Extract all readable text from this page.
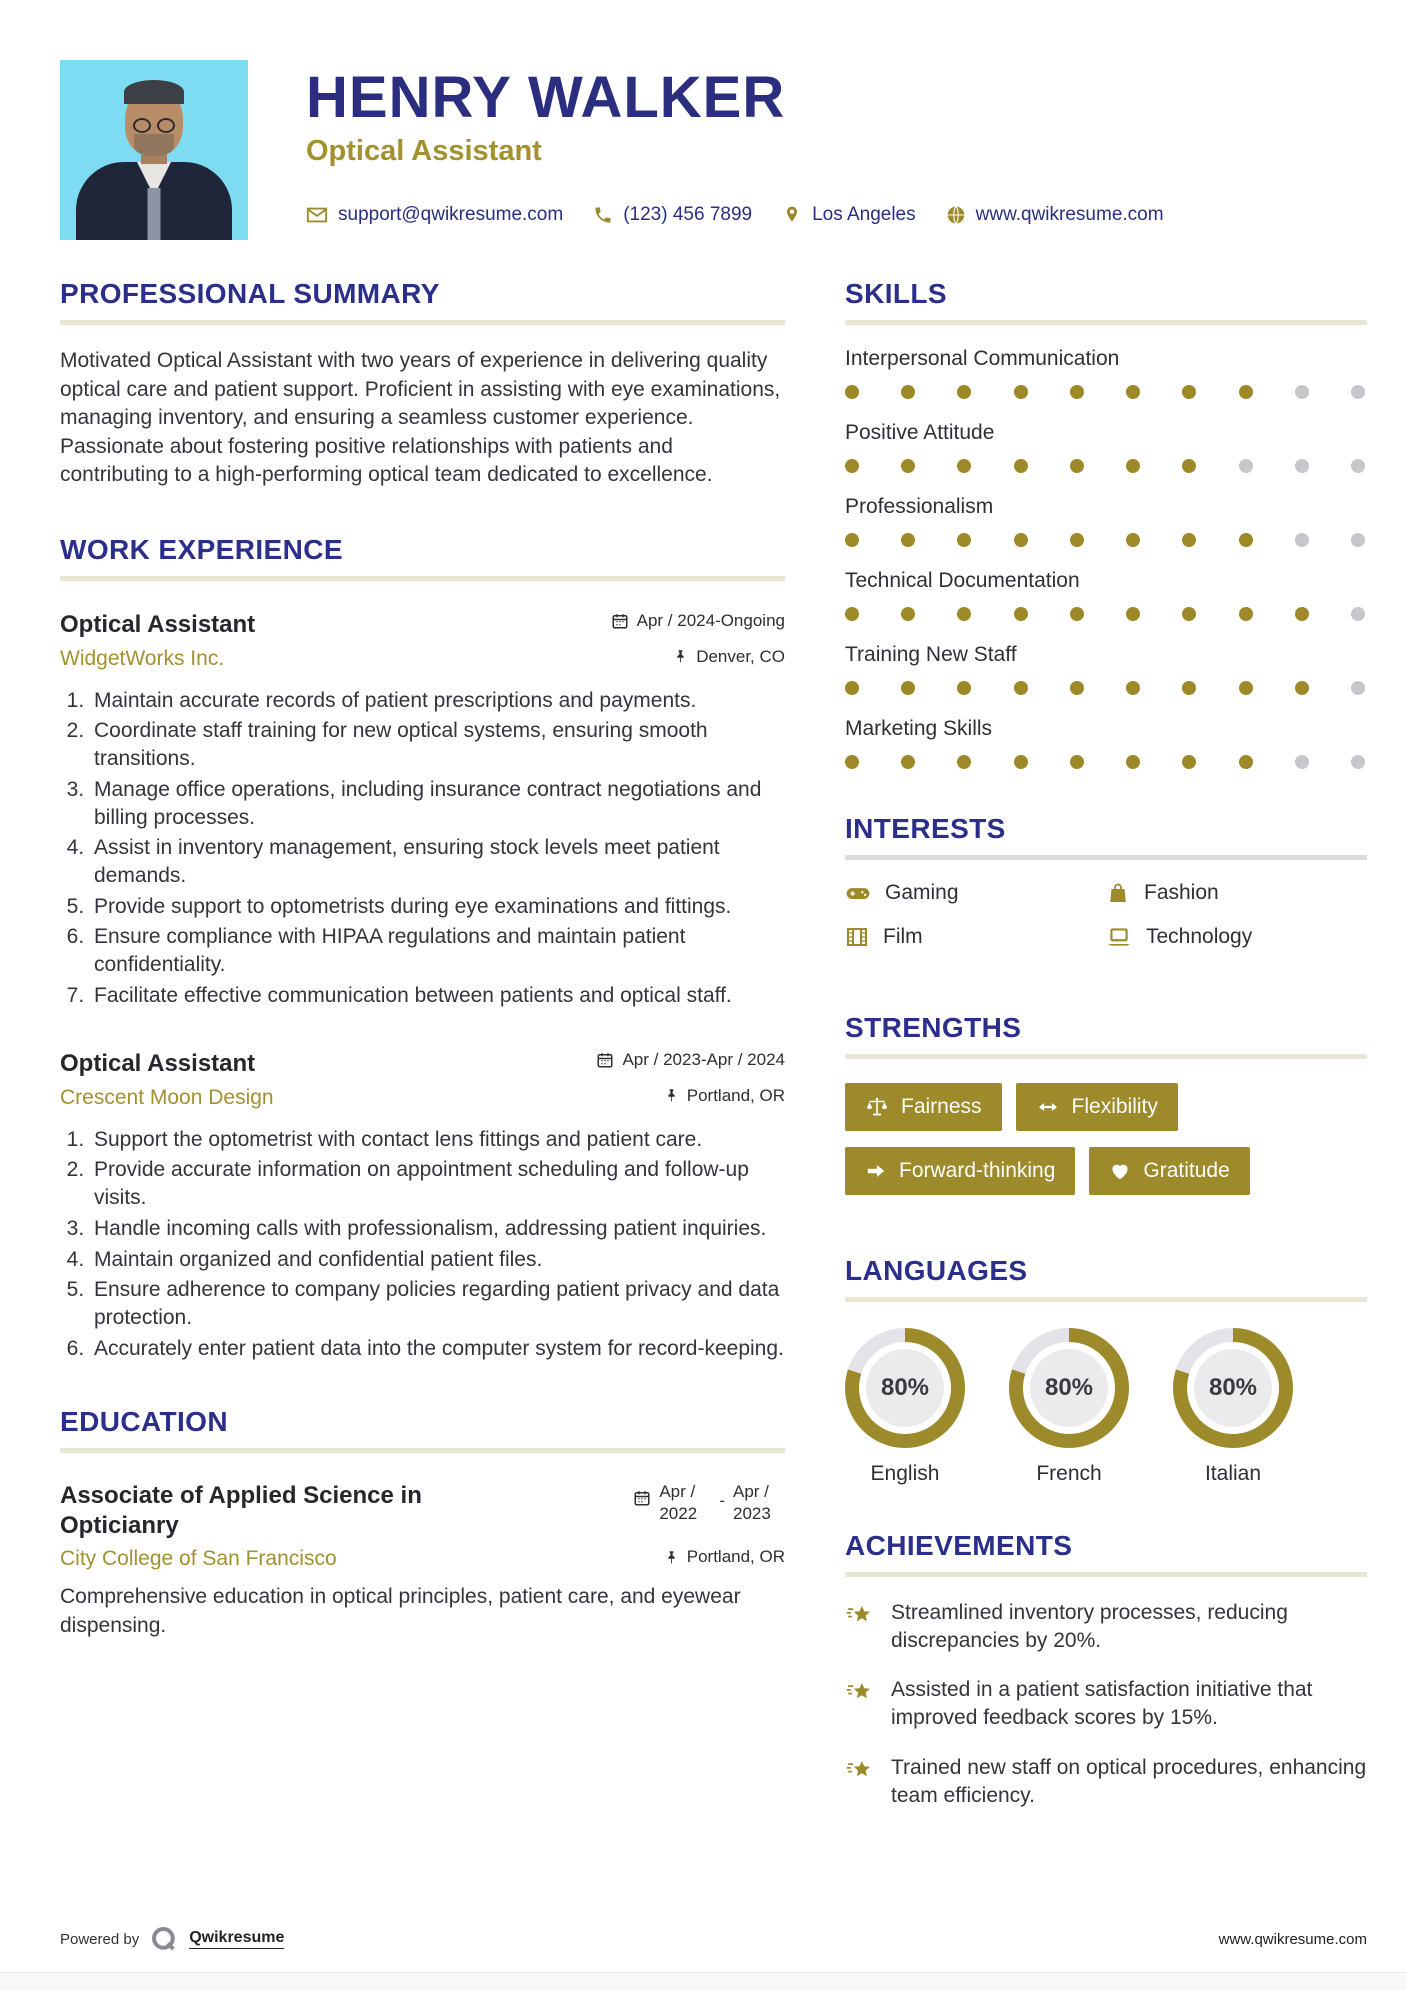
HENRY WALKER
Optical Assistant
support@qwikresume.com	(123) 456 7899	Los Angeles	www.qwikresume.com
PROFESSIONAL SUMMARY

Motivated Optical Assistant with two years of experience in delivering quality optical care and patient support. Proficient in assisting with eye examinations, managing inventory, and ensuring a seamless customer experience. Passionate about fostering positive relationships with patients and contributing to a high-performing optical team dedicated to excellence.

WORK EXPERIENCE
Optical Assistant	Apr / 2024-Ongoing
WidgetWorks Inc.	Denver, CO
1. Maintain accurate records of patient prescriptions and payments.
2. Coordinate staff training for new optical systems, ensuring smooth transitions.
3. Manage office operations, including insurance contract negotiations and billing processes.
4. Assist in inventory management, ensuring stock levels meet patient demands.
5. Provide support to optometrists during eye examinations and fittings.
6. Ensure compliance with HIPAA regulations and maintain patient confidentiality.
7. Facilitate effective communication between patients and optical staff.
Optical Assistant	Apr / 2023-Apr / 2024
Crescent Moon Design	Portland, OR
1. Support the optometrist with contact lens fittings and patient care.
2. Provide accurate information on appointment scheduling and follow-up visits.
3. Handle incoming calls with professionalism, addressing patient inquiries.
4. Maintain organized and confidential patient files.
5. Ensure adherence to company policies regarding patient privacy and data protection.
6. Accurately enter patient data into the computer system for record-keeping.
EDUCATION
Associate of Applied Science in Opticianry
Apr / 2022
- Apr / 2023
City College of San Francisco	Portland, OR

Comprehensive education in optical principles, patient care, and eyewear dispensing.

SKILLS
Interpersonal Communication
Positive Attitude
Professionalism
Technical Documentation
Training New Staff
Marketing Skills
INTERESTS
Gaming	Fashion
Film	Technology
STRENGTHS
Fairness	Flexibility

Forward-thinking	Gratitude
LANGUAGES
80%
English
80%
French
80%
Italian
ACHIEVEMENTS
Streamlined inventory processes, reducing discrepancies by 20%.
Assisted in a patient satisfaction initiative that improved feedback scores by 15%.
Trained new staff on optical procedures, enhancing team efficiency.
Powered by	Qwikresume	www.qwikresume.com
